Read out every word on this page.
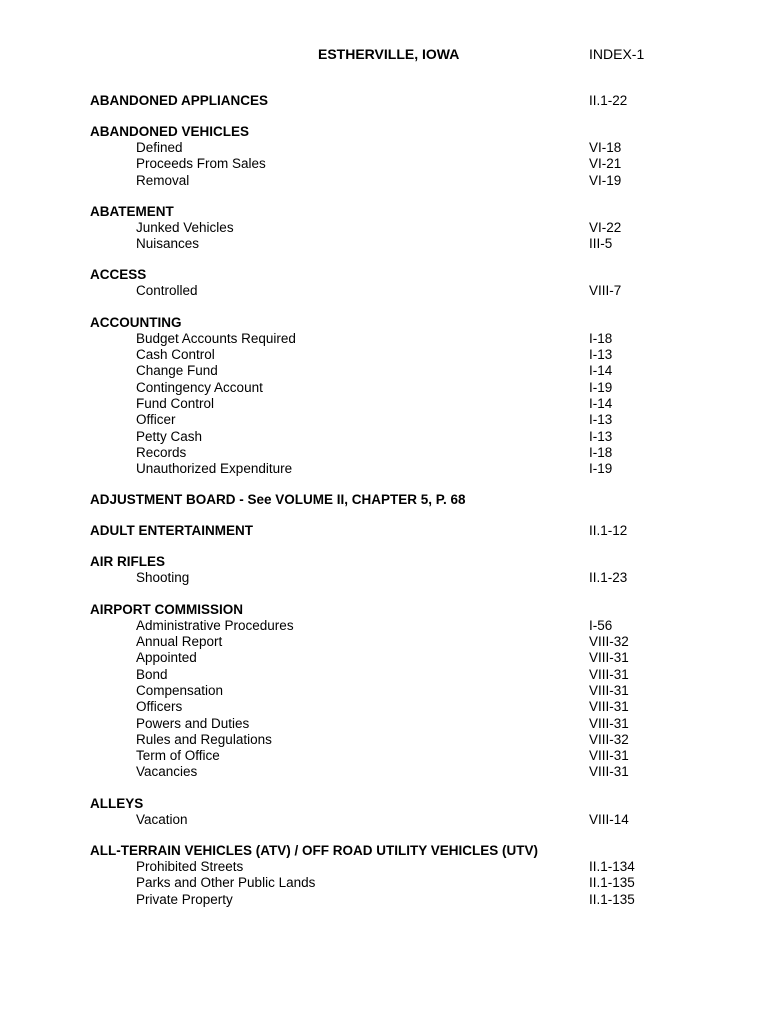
ESTHERVILLE, IOWA	INDEX-1
ABANDONED APPLIANCES	II.1-22
ABANDONED VEHICLES
Defined	VI-18
Proceeds From Sales	VI-21
Removal	VI-19
ABATEMENT
Junked Vehicles	VI-22
Nuisances	III-5
ACCESS
Controlled	VIII-7
ACCOUNTING
Budget Accounts Required	I-18
Cash Control	I-13
Change Fund	I-14
Contingency Account	I-19
Fund Control	I-14
Officer	I-13
Petty Cash	I-13
Records	I-18
Unauthorized Expenditure	I-19
ADJUSTMENT BOARD - See VOLUME II, CHAPTER 5, P. 68
ADULT ENTERTAINMENT	II.1-12
AIR RIFLES
Shooting	II.1-23
AIRPORT COMMISSION
Administrative Procedures	I-56
Annual Report	VIII-32
Appointed	VIII-31
Bond	VIII-31
Compensation	VIII-31
Officers	VIII-31
Powers and Duties	VIII-31
Rules and Regulations	VIII-32
Term of Office	VIII-31
Vacancies	VIII-31
ALLEYS
Vacation	VIII-14
ALL-TERRAIN VEHICLES (ATV) / OFF ROAD UTILITY VEHICLES (UTV)
Prohibited Streets	II.1-134
Parks and Other Public Lands	II.1-135
Private Property	II.1-135
